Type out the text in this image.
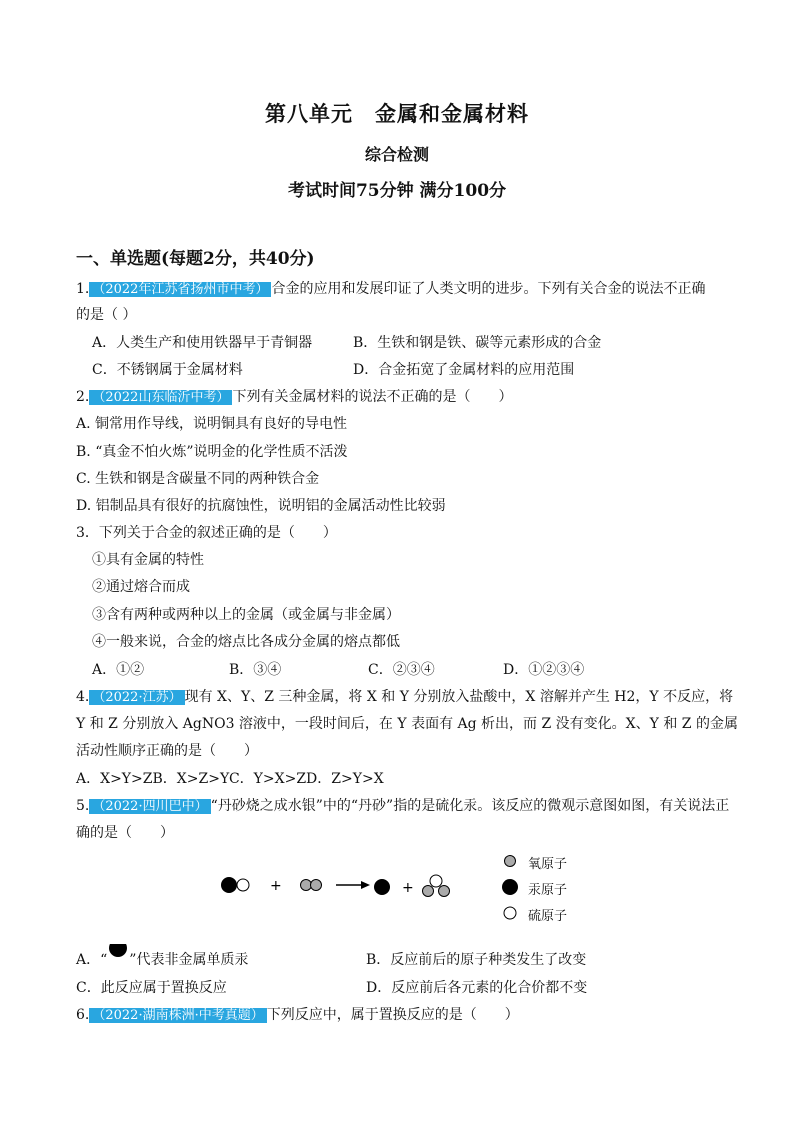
第八单元　金属和金属材料
综合检测
考试时间75分钟 满分100分
一、单选题(每题2分，共40分)
1. （2022年江苏省扬州市中考） 合金的应用和发展印证了人类文明的进步。下列有关合金的说法不正确
的是（ ）
A．人类生产和使用铁器早于青铜器	B．生铁和钢是铁、碳等元素形成的合金
C．不锈钢属于金属材料	D．合金拓宽了金属材料的应用范围
2. （2022山东临沂中考） 下列有关金属材料的说法不正确的是（　　）
A. 铜常用作导线，说明铜具有良好的导电性
B. “真金不怕火炼”说明金的化学性质不活泼
C. 生铁和钢是含碳量不同的两种铁合金
D. 铝制品具有很好的抗腐蚀性，说明铝的金属活动性比较弱
3．下列关于合金的叙述正确的是（　　）
①具有金属的特性
②通过熔合而成
③含有两种或两种以上的金属（或金属与非金属）
④一般来说，合金的熔点比各成分金属的熔点都低
A．①②	B．③④	C．②③④	D．①②③④
4. （2022·江苏） 现有 X、Y、Z 三种金属，将 X 和 Y 分别放入盐酸中，X 溶解并产生 H2，Y 不反应，将
Y 和 Z 分别放入 AgNO3 溶液中，一段时间后，在 Y 表面有 Ag 析出，而 Z 没有变化。X、Y 和 Z 的金属
活动性顺序正确的是（　　）
A．X>Y>ZB．X>Z>YC．Y>X>ZD．Z>Y>X
5. （2022·四川巴中） “丹砂烧之成水银”中的“丹砂”指的是硫化汞。该反应的微观示意图如图，有关说法正
确的是（　　）
+	+
氧原子
汞原子
硫原子
A．“ ”代表非金属单质汞	B．反应前后的原子种类发生了改变
C．此反应属于置换反应	D．反应前后各元素的化合价都不变
6. （2022·湖南株洲·中考真题） 下列反应中，属于置换反应的是（　　）
